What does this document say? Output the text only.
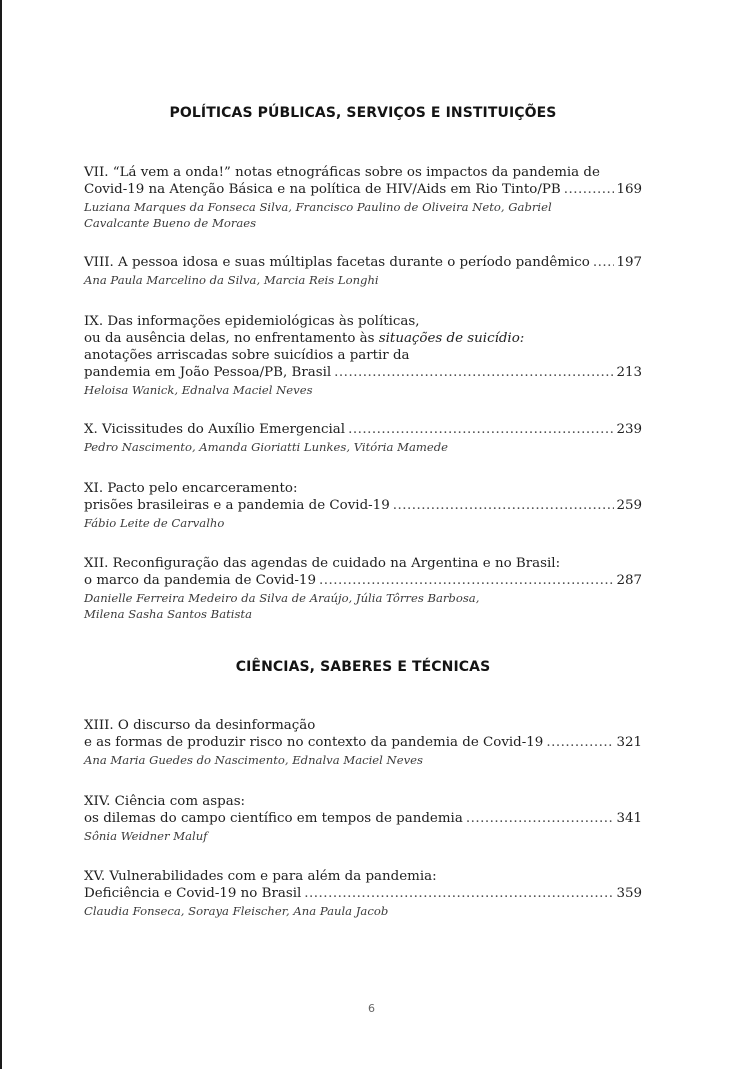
POLÍTICAS PÚBLICAS, SERVIÇOS E INSTITUIÇÕES
VII. “Lá vem a onda!” notas etnográficas sobre os impactos da pandemia de
Covid-19 na Atenção Básica e na política de HIV/Aids em Rio Tinto/PB .....	169
Luziana Marques da Fonseca Silva, Francisco Paulino de Oliveira Neto, Gabriel
Cavalcante Bueno de Moraes
VIII. A pessoa idosa e suas múltiplas facetas durante o período pandêmico ..... 197
Ana Paula Marcelino da Silva, Marcia Reis Longhi
IX. Das informações epidemiológicas às políticas,
ou da ausência delas, no enfrentamento às situações de suicídio:
anotações arriscadas sobre suicídios a partir da
pandemia em João Pessoa/PB, Brasil .....	213
Heloisa Wanick, Ednalva Maciel Neves
X. Vicissitudes do Auxílio Emergencial .....	239
Pedro Nascimento, Amanda Gioriatti Lunkes, Vitória Mamede
XI. Pacto pelo encarceramento:
prisões brasileiras e a pandemia de Covid-19 .....	259
Fábio Leite de Carvalho
XII. Reconfiguração das agendas de cuidado na Argentina e no Brasil:
o marco da pandemia de Covid-19 .....	287
Danielle Ferreira Medeiro da Silva de Araújo, Júlia Tôrres Barbosa,
Milena Sasha Santos Batista
CIÊNCIAS, SABERES E TÉCNICAS
XIII. O discurso da desinformação
e as formas de produzir risco no contexto da pandemia de Covid-19 .....	321
Ana Maria Guedes do Nascimento, Ednalva Maciel Neves
XIV. Ciência com aspas:
os dilemas do campo científico em tempos de pandemia .....	341
Sônia Weidner Maluf
XV. Vulnerabilidades com e para além da pandemia:
Deficiência e Covid-19 no Brasil .....	359
Claudia Fonseca, Soraya Fleischer, Ana Paula Jacob
6
